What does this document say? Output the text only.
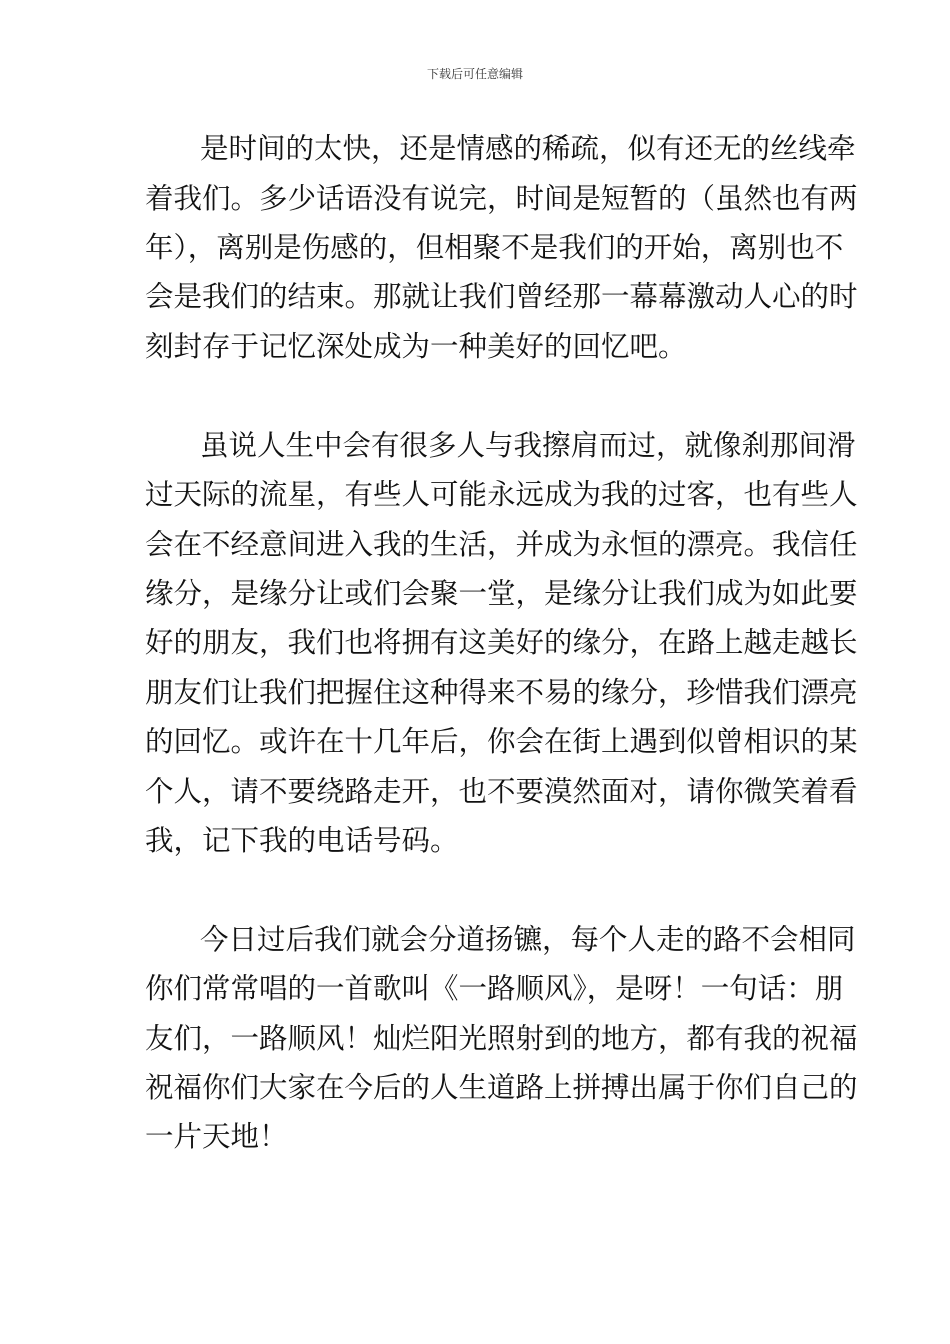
下载后可任意编辑
是时间的太快，还是情感的稀疏，似有还无的丝线牵
着我们。多少话语没有说完，时间是短暂的（虽然也有两
年），离别是伤感的，但相聚不是我们的开始，离别也不
会是我们的结束。那就让我们曾经那一幕幕激动人心的时
刻封存于记忆深处成为一种美好的回忆吧。
虽说人生中会有很多人与我擦肩而过，就像刹那间滑
过天际的流星，有些人可能永远成为我的过客，也有些人
会在不经意间进入我的生活，并成为永恒的漂亮。我信任
缘分，是缘分让或们会聚一堂，是缘分让我们成为如此要
好的朋友，我们也将拥有这美好的缘分，在路上越走越长
朋友们让我们把握住这种得来不易的缘分，珍惜我们漂亮
的回忆。或许在十几年后，你会在街上遇到似曾相识的某
个人，请不要绕路走开，也不要漠然面对，请你微笑着看
我，记下我的电话号码。
今日过后我们就会分道扬镳，每个人走的路不会相同
你们常常唱的一首歌叫《一路顺风》，是呀！一句话：朋
友们，一路顺风！灿烂阳光照射到的地方，都有我的祝福
祝福你们大家在今后的人生道路上拼搏出属于你们自己的
一片天地！
